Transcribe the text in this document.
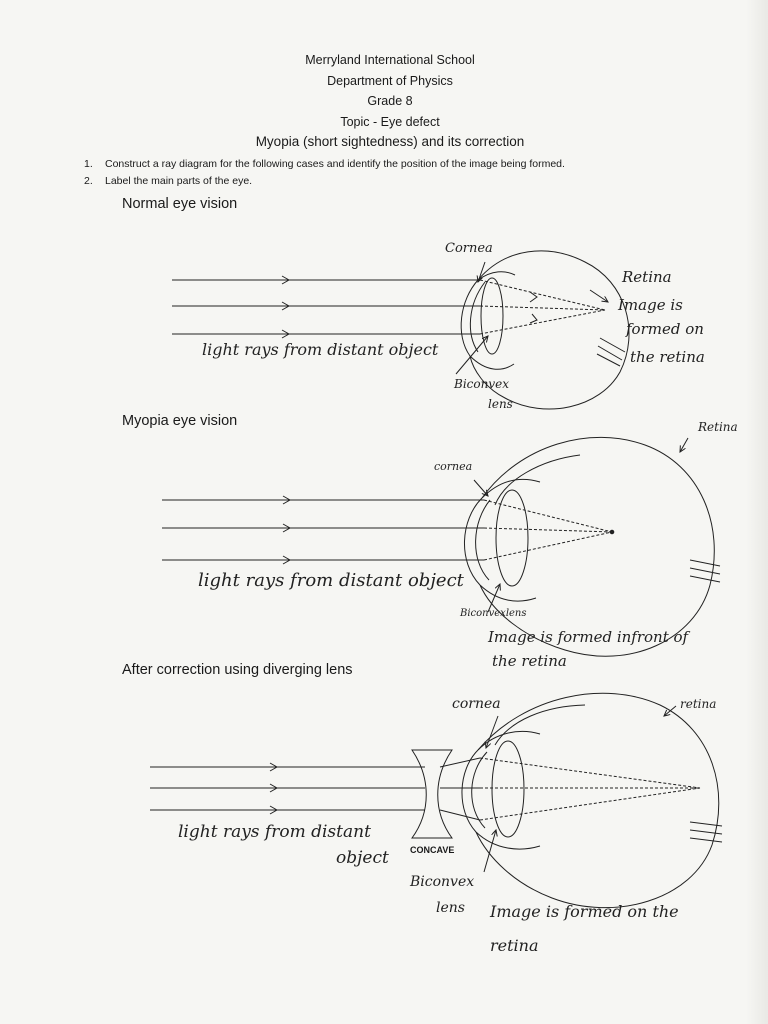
Merryland International School
Department of Physics
Grade 8
Topic - Eye defect
Myopia (short sightedness) and its correction
1.	Construct a ray diagram for the following cases and identify the position of the image being formed.
2.	Label the main parts of the eye.
Normal eye vision
Myopia eye vision
After correction using diverging lens
Cornea
Retina
Image is
formed on
the retina
light rays from distant object
Biconvex
lens
cornea
Retina
light rays from distant object
Biconvexlens
Image is formed infront of
the retina
cornea	retina
light rays from distant
object CONCAVE
Biconvex
lens Image is formed on the
retina
